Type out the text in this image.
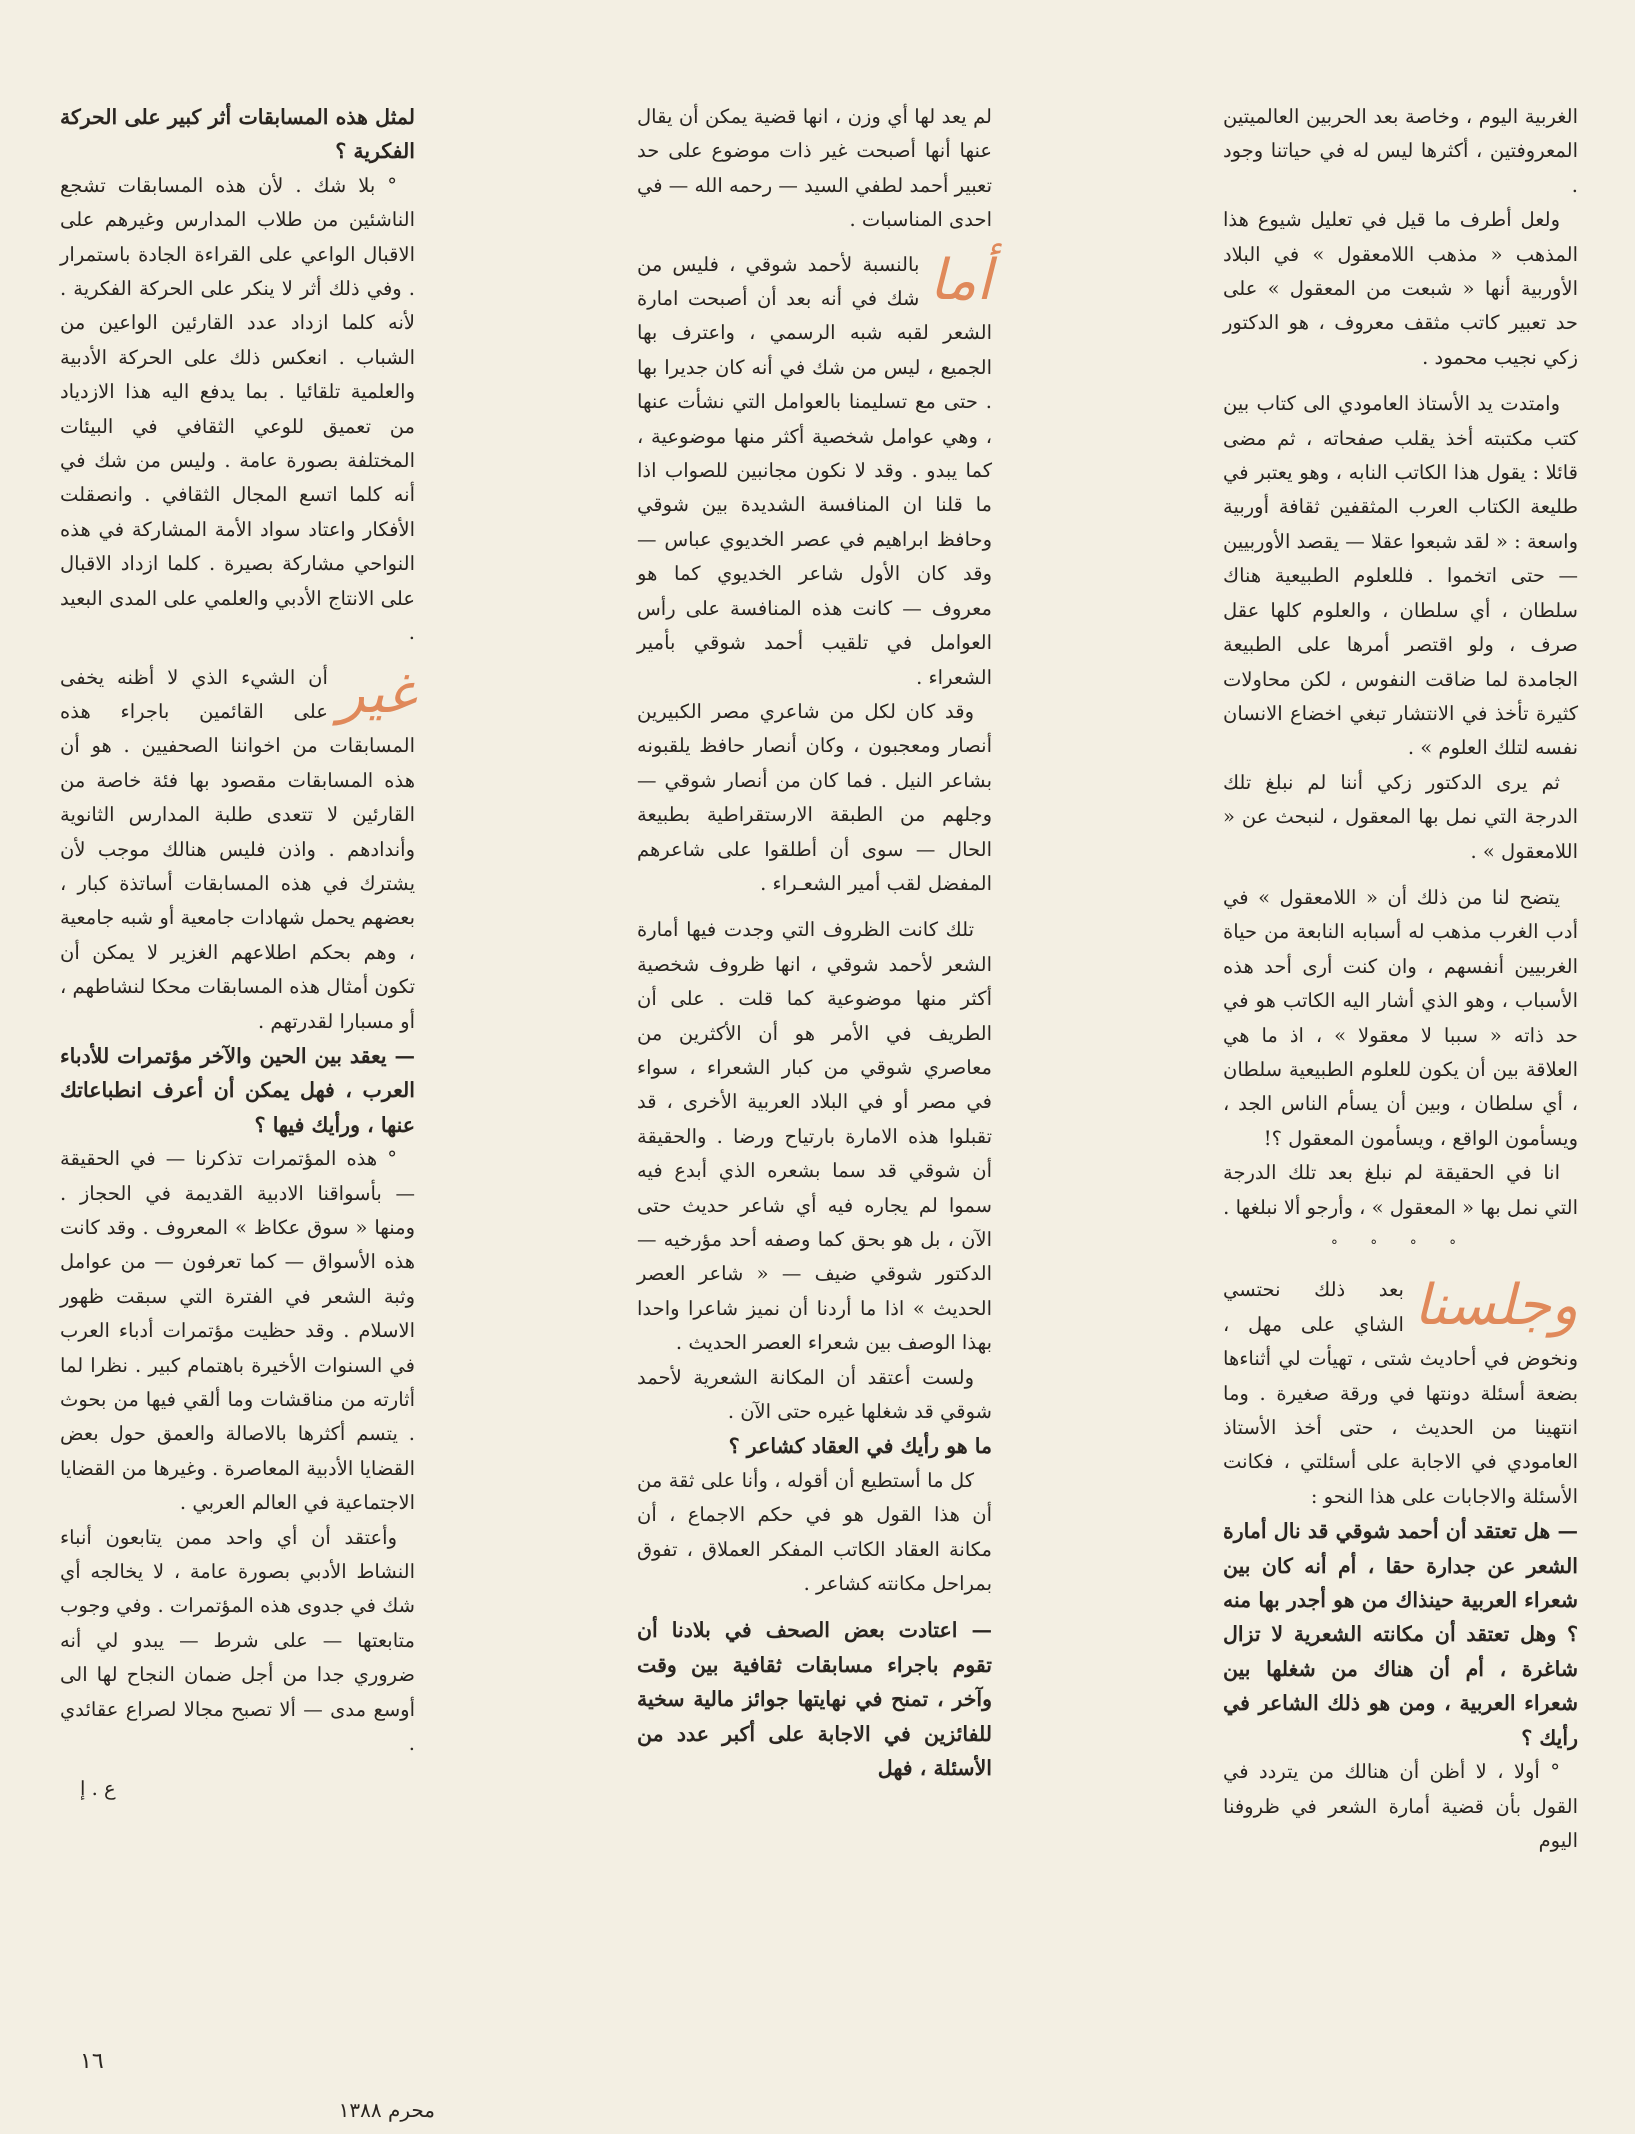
الغربية اليوم ، وخاصة بعد الحربين العالميتين المعروفتين ، أكثرها ليس له في حياتنا وجود .

ولعل أطرف ما قيل في تعليل شيوع هذا المذهب « مذهب اللامعقول » في البلاد الأوربية أنها « شبعت من المعقول » على حد تعبير كاتب مثقف معروف ، هو الدكتور زكي نجيب محمود .

وامتدت يد الأستاذ العامودي الى كتاب بين كتب مكتبته أخذ يقلب صفحاته ، ثم مضى قائلا : يقول هذا الكاتب النابه ، وهو يعتبر في طليعة الكتاب العرب المثقفين ثقافة أوربية واسعة : « لقد شبعوا عقلا — يقصد الأوربيين — حتى اتخموا . فللعلوم الطبيعية هناك سلطان ، أي سلطان ، والعلوم كلها عقل صرف ، ولو اقتصر أمرها على الطبيعة الجامدة لما ضاقت النفوس ، لكن محاولات كثيرة تأخذ في الانتشار تبغي اخضاع الانسان نفسه لتلك العلوم » .

ثم يرى الدكتور زكي أننا لم نبلغ تلك الدرجة التي نمل بها المعقول ، لنبحث عن « اللامعقول » .

يتضح لنا من ذلك أن « اللامعقول » في أدب الغرب مذهب له أسبابه النابعة من حياة الغربيين أنفسهم ، وان كنت أرى أحد هذه الأسباب ، وهو الذي أشار اليه الكاتب هو في حد ذاته « سببا لا معقولا » ، اذ ما هي العلاقة بين أن يكون للعلوم الطبيعية سلطان ، أي سلطان ، وبين أن يسأم الناس الجد ، ويسأمون الواقع ، ويسأمون المعقول ؟!

انا في الحقيقة لم نبلغ بعد تلك الدرجة التي نمل بها « المعقول » ، وأرجو ألا نبلغها .

° ° ° °
وجلسنا

بعد ذلك نحتسي الشاي على مهل ، ونخوض في أحاديث شتى ، تهيأت لي أثناءها بضعة أسئلة دونتها في ورقة صغيرة . وما انتهينا من الحديث ، حتى أخذ الأستاذ العامودي في الاجابة على أسئلتي ، فكانت الأسئلة والاجابات على هذا النحو :

— هل تعتقد أن أحمد شوقي قد نال أمارة الشعر عن جدارة حقا ، أم أنه كان بين شعراء العربية حينذاك من هو أجدر بها منه ؟ وهل تعتقد أن مكانته الشعرية لا تزال شاغرة ، أم أن هناك من شغلها بين شعراء العربية ، ومن هو ذلك الشاعر في رأيك ؟

° أولا ، لا أظن أن هنالك من يتردد في القول بأن قضية أمارة الشعر في ظروفنا اليوم

لم يعد لها أي وزن ، انها قضية يمكن أن يقال عنها أنها أصبحت غير ذات موضوع على حد تعبير أحمد لطفي السيد — رحمه الله — في احدى المناسبات .

أما

بالنسبة لأحمد شوقي ، فليس من شك في أنه بعد أن أصبحت امارة الشعر لقبه شبه الرسمي ، واعترف بها الجميع ، ليس من شك في أنه كان جديرا بها . حتى مع تسليمنا بالعوامل التي نشأت عنها ، وهي عوامل شخصية أكثر منها موضوعية ، كما يبدو . وقد لا نكون مجانبين للصواب اذا ما قلنا ان المنافسة الشديدة بين شوقي وحافظ ابراهيم في عصر الخديوي عباس — وقد كان الأول شاعر الخديوي كما هو معروف — كانت هذه المنافسة على رأس العوامل في تلقيب أحمد شوقي بأمير الشعراء .

وقد كان لكل من شاعري مصر الكبيرين أنصار ومعجبون ، وكان أنصار حافظ يلقبونه بشاعر النيل . فما كان من أنصار شوقي — وجلهم من الطبقة الارستقراطية بطبيعة الحال — سوى أن أطلقوا على شاعرهم المفضل لقب أمير الشعـراء .

تلك كانت الظروف التي وجدت فيها أمارة الشعر لأحمد شوقي ، انها ظروف شخصية أكثر منها موضوعية كما قلت . على أن الطريف في الأمر هو أن الأكثرين من معاصري شوقي من كبار الشعراء ، سواء في مصر أو في البلاد العربية الأخرى ، قد تقبلوا هذه الامارة بارتياح ورضا . والحقيقة أن شوقي قد سما بشعره الذي أبدع فيه سموا لم يجاره فيه أي شاعر حديث حتى الآن ، بل هو بحق كما وصفه أحد مؤرخيه — الدكتور شوقي ضيف — « شاعر العصر الحديث » اذا ما أردنا أن نميز شاعرا واحدا بهذا الوصف بين شعراء العصر الحديث .

ولست أعتقد أن المكانة الشعرية لأحمد شوقي قد شغلها غيره حتى الآن .

ما هو رأيك في العقاد كشاعر ؟

كل ما أستطيع أن أقوله ، وأنا على ثقة من أن هذا القول هو في حكم الاجماع ، أن مكانة العقاد الكاتب المفكر العملاق ، تفوق بمراحل مكانته كشاعر .

— اعتادت بعض الصحف في بلادنا أن تقوم باجراء مسابقات ثقافية بين وقت وآخر ، تمنح في نهايتها جوائز مالية سخية للفائزين في الاجابة على أكبر عدد من الأسئلة ، فهل

لمثل هذه المسابقات أثر كبير على الحركة الفكرية ؟

° بلا شك . لأن هذه المسابقات تشجع الناشئين من طلاب المدارس وغيرهم على الاقبال الواعي على القراءة الجادة باستمرار . وفي ذلك أثر لا ينكر على الحركة الفكرية . لأنه كلما ازداد عدد القارئين الواعين من الشباب . انعكس ذلك على الحركة الأدبية والعلمية تلقائيا . بما يدفع اليه هذا الازدياد من تعميق للوعي الثقافي في البيئات المختلفة بصورة عامة . وليس من شك في أنه كلما اتسع المجال الثقافي . وانصقلت الأفكار واعتاد سواد الأمة المشاركة في هذه النواحي مشاركة بصيرة . كلما ازداد الاقبال على الانتاج الأدبي والعلمي على المدى البعيد .

غير

أن الشيء الذي لا أظنه يخفى على القائمين باجراء هذه المسابقات من اخواننا الصحفيين . هو أن هذه المسابقات مقصود بها فئة خاصة من القارئين لا تتعدى طلبة المدارس الثانوية وأندادهم . واذن فليس هنالك موجب لأن يشترك في هذه المسابقات أساتذة كبار ، بعضهم يحمل شهادات جامعية أو شبه جامعية ، وهم بحكم اطلاعهم الغزير لا يمكن أن تكون أمثال هذه المسابقات محكا لنشاطهم ، أو مسبارا لقدرتهم .

— يعقد بين الحين والآخر مؤتمرات للأدباء العرب ، فهل يمكن أن أعرف انطباعاتك عنها ، ورأيك فيها ؟

° هذه المؤتمرات تذكرنا — في الحقيقة — بأسواقنا الادبية القديمة في الحجاز . ومنها « سوق عكاظ » المعروف . وقد كانت هذه الأسواق — كما تعرفون — من عوامل وثبة الشعر في الفترة التي سبقت ظهور الاسلام . وقد حظيت مؤتمرات أدباء العرب في السنوات الأخيرة باهتمام كبير . نظرا لما أثارته من مناقشات وما ألقي فيها من بحوث . يتسم أكثرها بالاصالة والعمق حول بعض القضايا الأدبية المعاصرة . وغيرها من القضايا الاجتماعية في العالم العربي .

وأعتقد أن أي واحد ممن يتابعون أنباء النشاط الأدبي بصورة عامة ، لا يخالجه أي شك في جدوى هذه المؤتمرات . وفي وجوب متابعتها — على شرط — يبدو لي أنه ضروري جدا من أجل ضمان النجاح لها الى أوسع مدى — ألا تصبح مجالا لصراع عقائدي .

ع . إ
١٦
محرم ١٣٨٨
